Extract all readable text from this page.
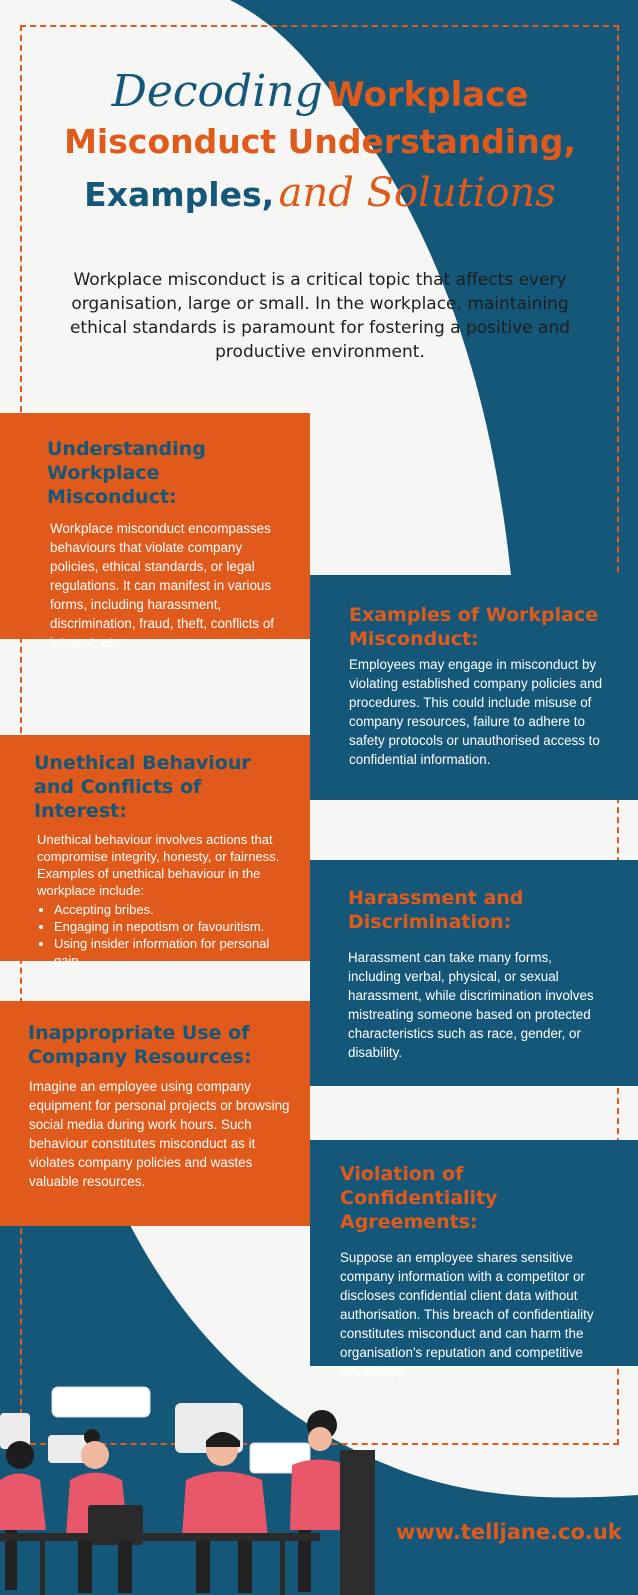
Decoding Workplace
Misconduct Understanding,
Examples, and Solutions
Workplace misconduct is a critical topic that affects every organisation, large or small. In the workplace, maintaining ethical standards is paramount for fostering a positive and productive environment.
Understanding Workplace Misconduct:

Workplace misconduct encompasses behaviours that violate company policies, ethical standards, or legal regulations. It can manifest in various forms, including harassment, discrimination, fraud, theft, conflicts of interest, etc.

Examples of Workplace Misconduct:

Employees may engage in misconduct by violating established company policies and procedures. This could include misuse of company resources, failure to adhere to safety protocols or unauthorised access to confidential information.

Unethical Behaviour and Conflicts of Interest:

Unethical behaviour involves actions that compromise integrity, honesty, or fairness. Examples of unethical behaviour in the workplace include:

• Accepting bribes.
• Engaging in nepotism or favouritism.
• Using insider information for personal gain.
Harassment and Discrimination:

Harassment can take many forms, including verbal, physical, or sexual harassment, while discrimination involves mistreating someone based on protected characteristics such as race, gender, or disability.

Inappropriate Use of Company Resources:

Imagine an employee using company equipment for personal projects or browsing social media during work hours. Such behaviour constitutes misconduct as it violates company policies and wastes valuable resources.	Violation of Confidentiality Agreements:

Suppose an employee shares sensitive company information with a competitor or discloses confidential client data without authorisation. This breach of confidentiality constitutes misconduct and can harm the organisation's reputation and competitive advantage.

www.telljane.co.uk
